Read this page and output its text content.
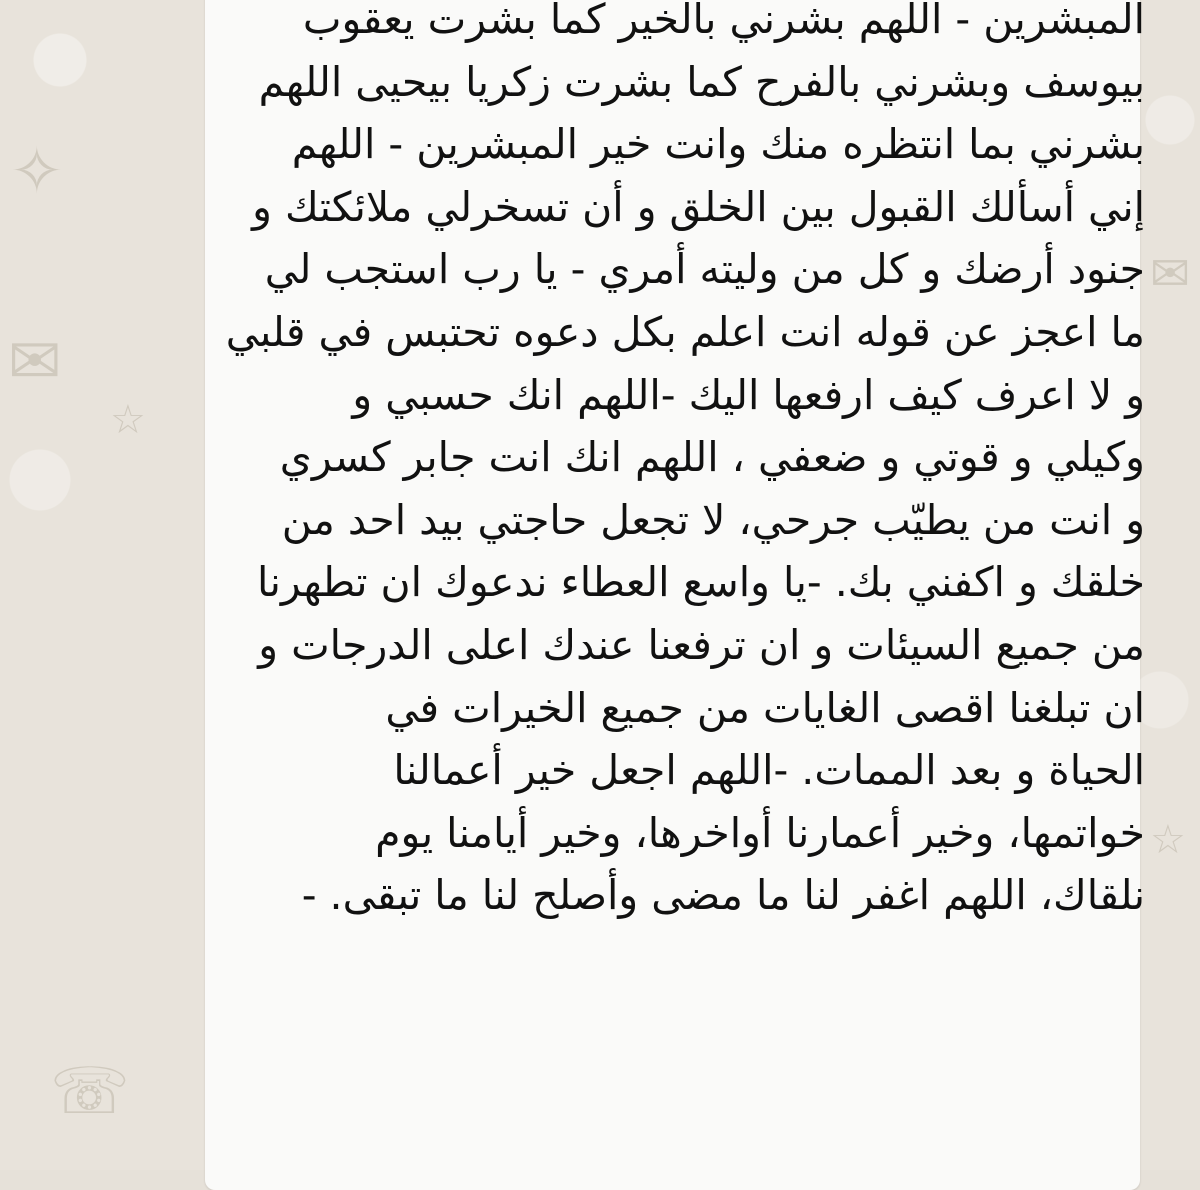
✉
✧
☆
☏
✉
☆
المبشرين - اللهم بشرني بالخير كما بشرت يعقوب
بيوسف وبشرني بالفرح كما بشرت زكريا بيحيى اللهم
بشرني بما انتظره منك وانت خير المبشرين - اللهم
إني أسألك القبول بين الخلق و أن تسخرلي ملائكتك و
جنود أرضك و كل من وليته أمري - يا رب استجب لي
ما اعجز عن قوله انت اعلم بكل دعوه تحتبس في قلبي
و لا اعرف كيف ارفعها اليك -اللهم انك حسبي و
وكيلي و قوتي و ضعفي ، اللهم انك انت جابر كسري
و انت من يطيّب جرحي، لا تجعل حاجتي بيد احد من
خلقك و اكفني بك. -يا واسع العطاء ندعوك ان تطهرنا
من جميع السيئات و ان ترفعنا عندك اعلى الدرجات و
ان تبلغنا اقصى الغايات من جميع الخيرات في
الحياة و بعد الممات. -اللهم اجعل خير أعمالنا
خواتمها، وخير أعمارنا أواخرها، وخير أيامنا يوم
نلقاك، اللهم اغفر لنا ما مضى وأصلح لنا ما تبقى. -
